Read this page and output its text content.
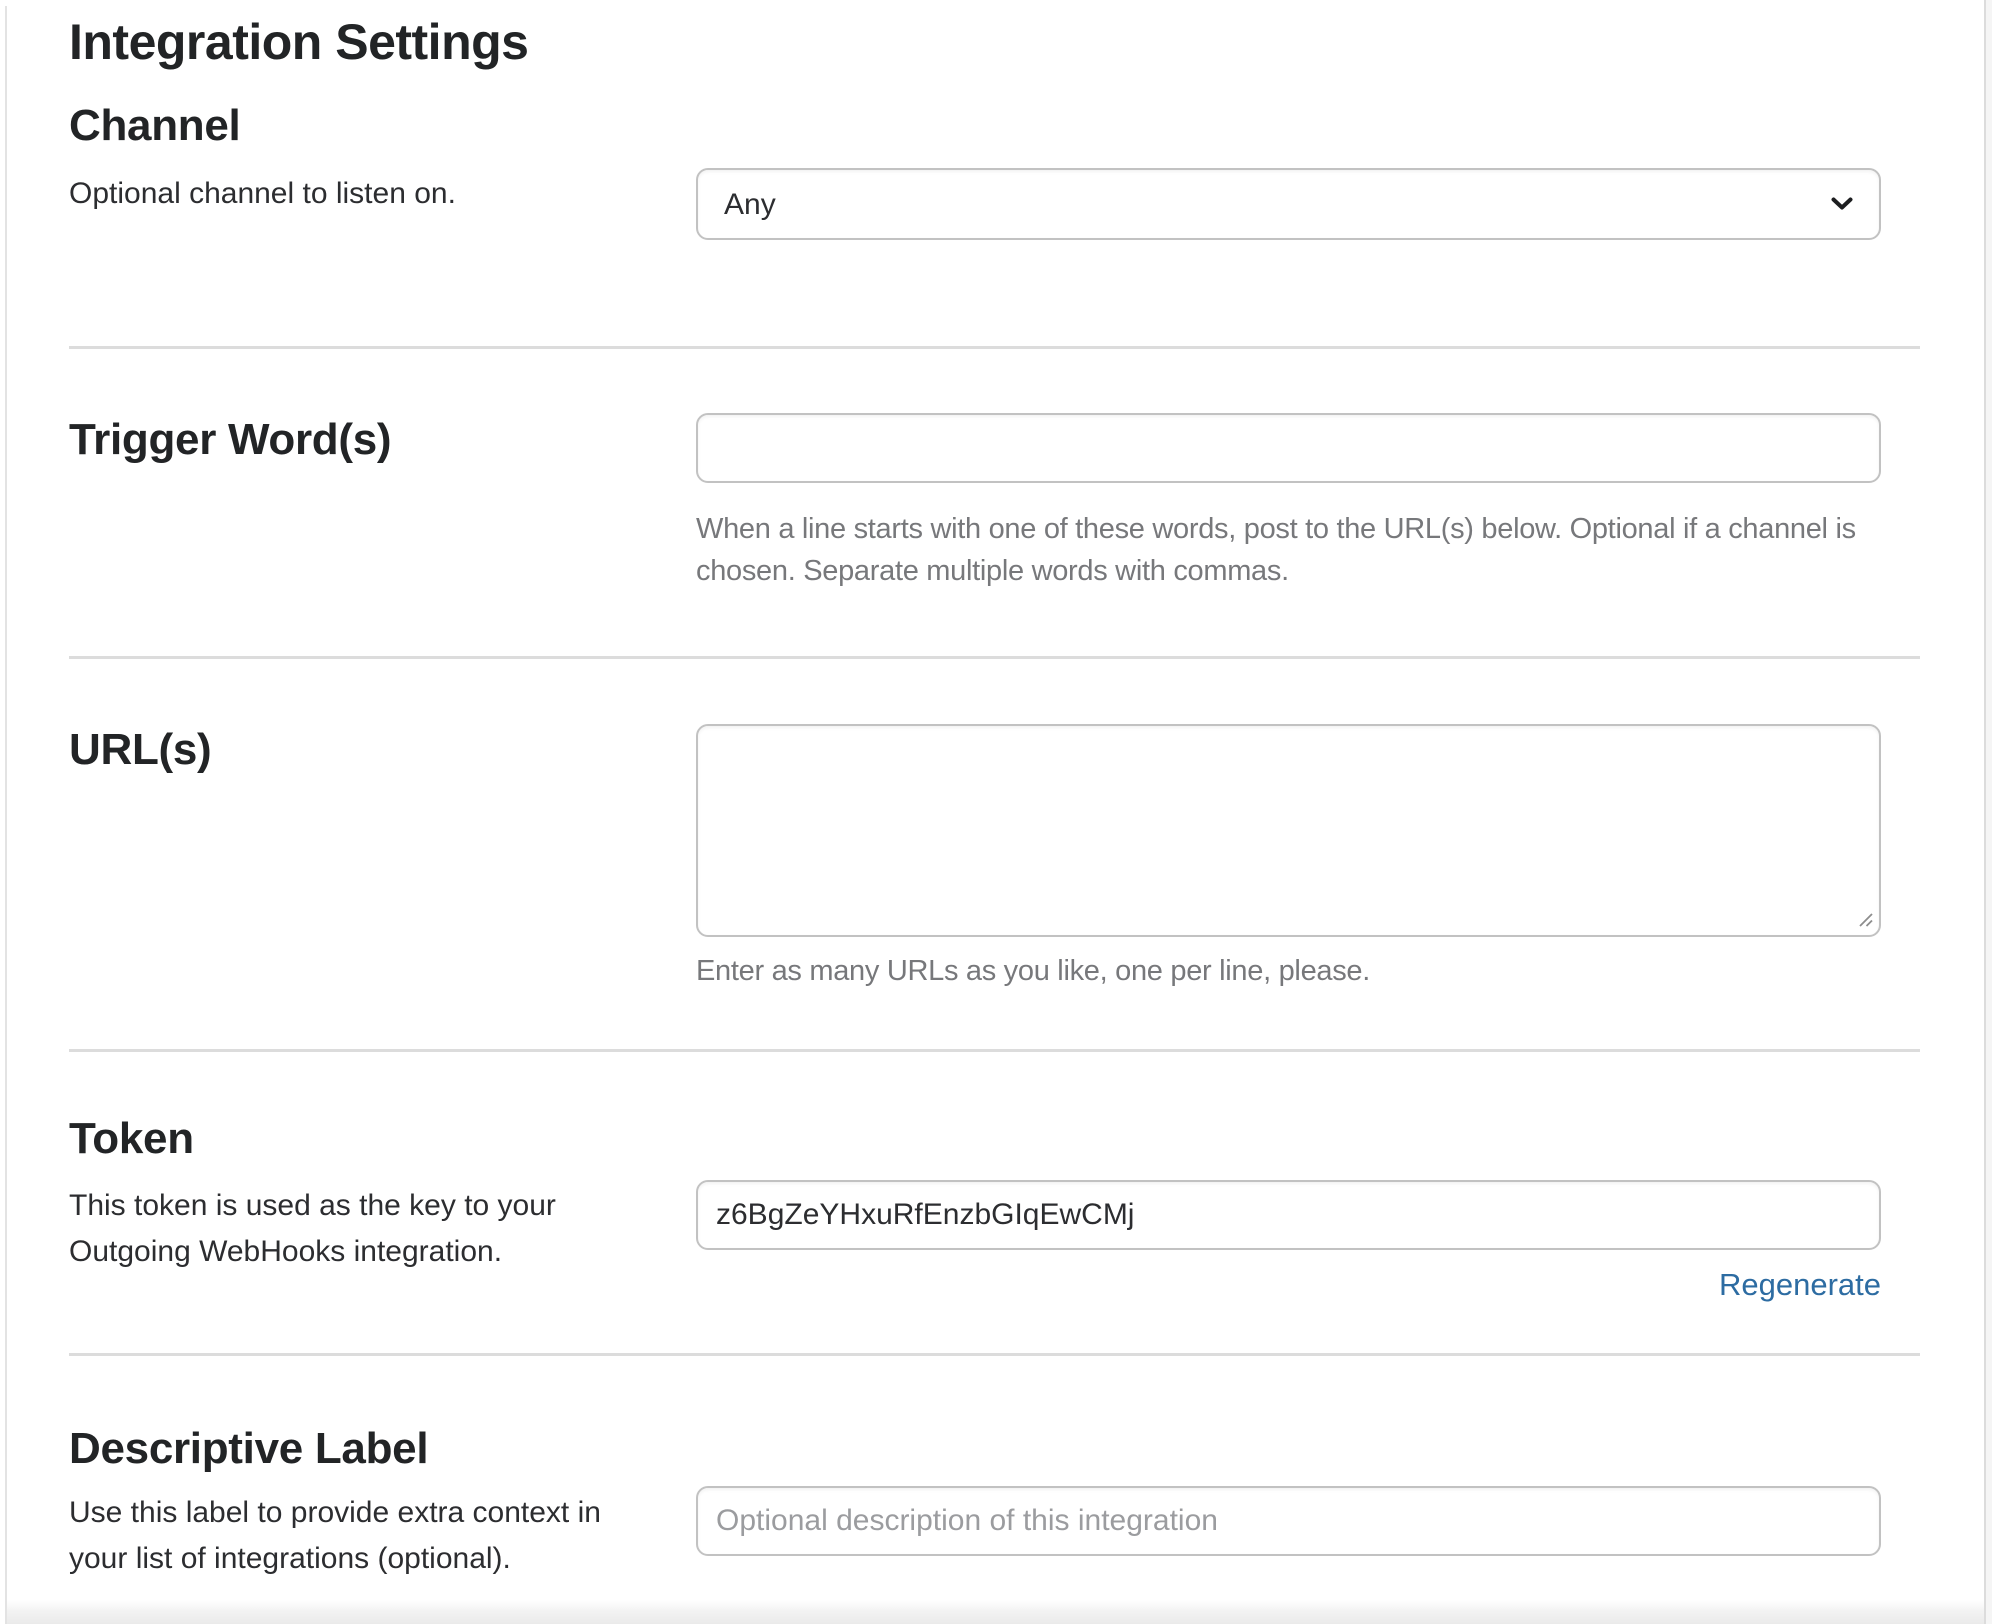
Integration Settings
Channel

Optional channel to listen on.

Any
Trigger Word(s)

When a line starts with one of these words, post to the URL(s) below. Optional if a channel is chosen. Separate multiple words with commas.

URL(s)

Enter as many URLs as you like, one per line, please.

Token

This token is used as the key to your Outgoing WebHooks integration.

z6BgZeYHxuRfEnzbGIqEwCMj
Regenerate
Descriptive Label

Use this label to provide extra context in your list of integrations (optional).

Optional description of this integration
